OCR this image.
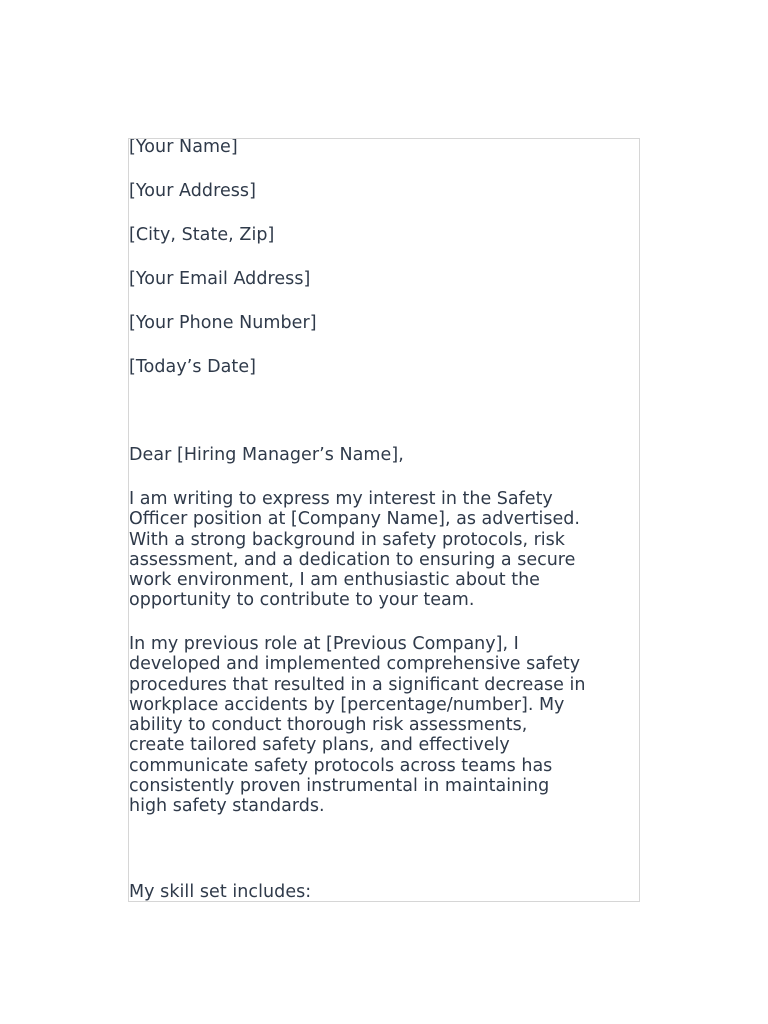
[Your Name]
[Your Address]
[City, State, Zip]
[Your Email Address]
[Your Phone Number]
[Today’s Date]
Dear [Hiring Manager’s Name],
I am writing to express my interest in the Safety
Officer position at [Company Name], as advertised.
With a strong background in safety protocols, risk
assessment, and a dedication to ensuring a secure
work environment, I am enthusiastic about the
opportunity to contribute to your team.
In my previous role at [Previous Company], I
developed and implemented comprehensive safety
procedures that resulted in a significant decrease in
workplace accidents by [percentage/number]. My
ability to conduct thorough risk assessments,
create tailored safety plans, and effectively
communicate safety protocols across teams has
consistently proven instrumental in maintaining
high safety standards.
My skill set includes:
